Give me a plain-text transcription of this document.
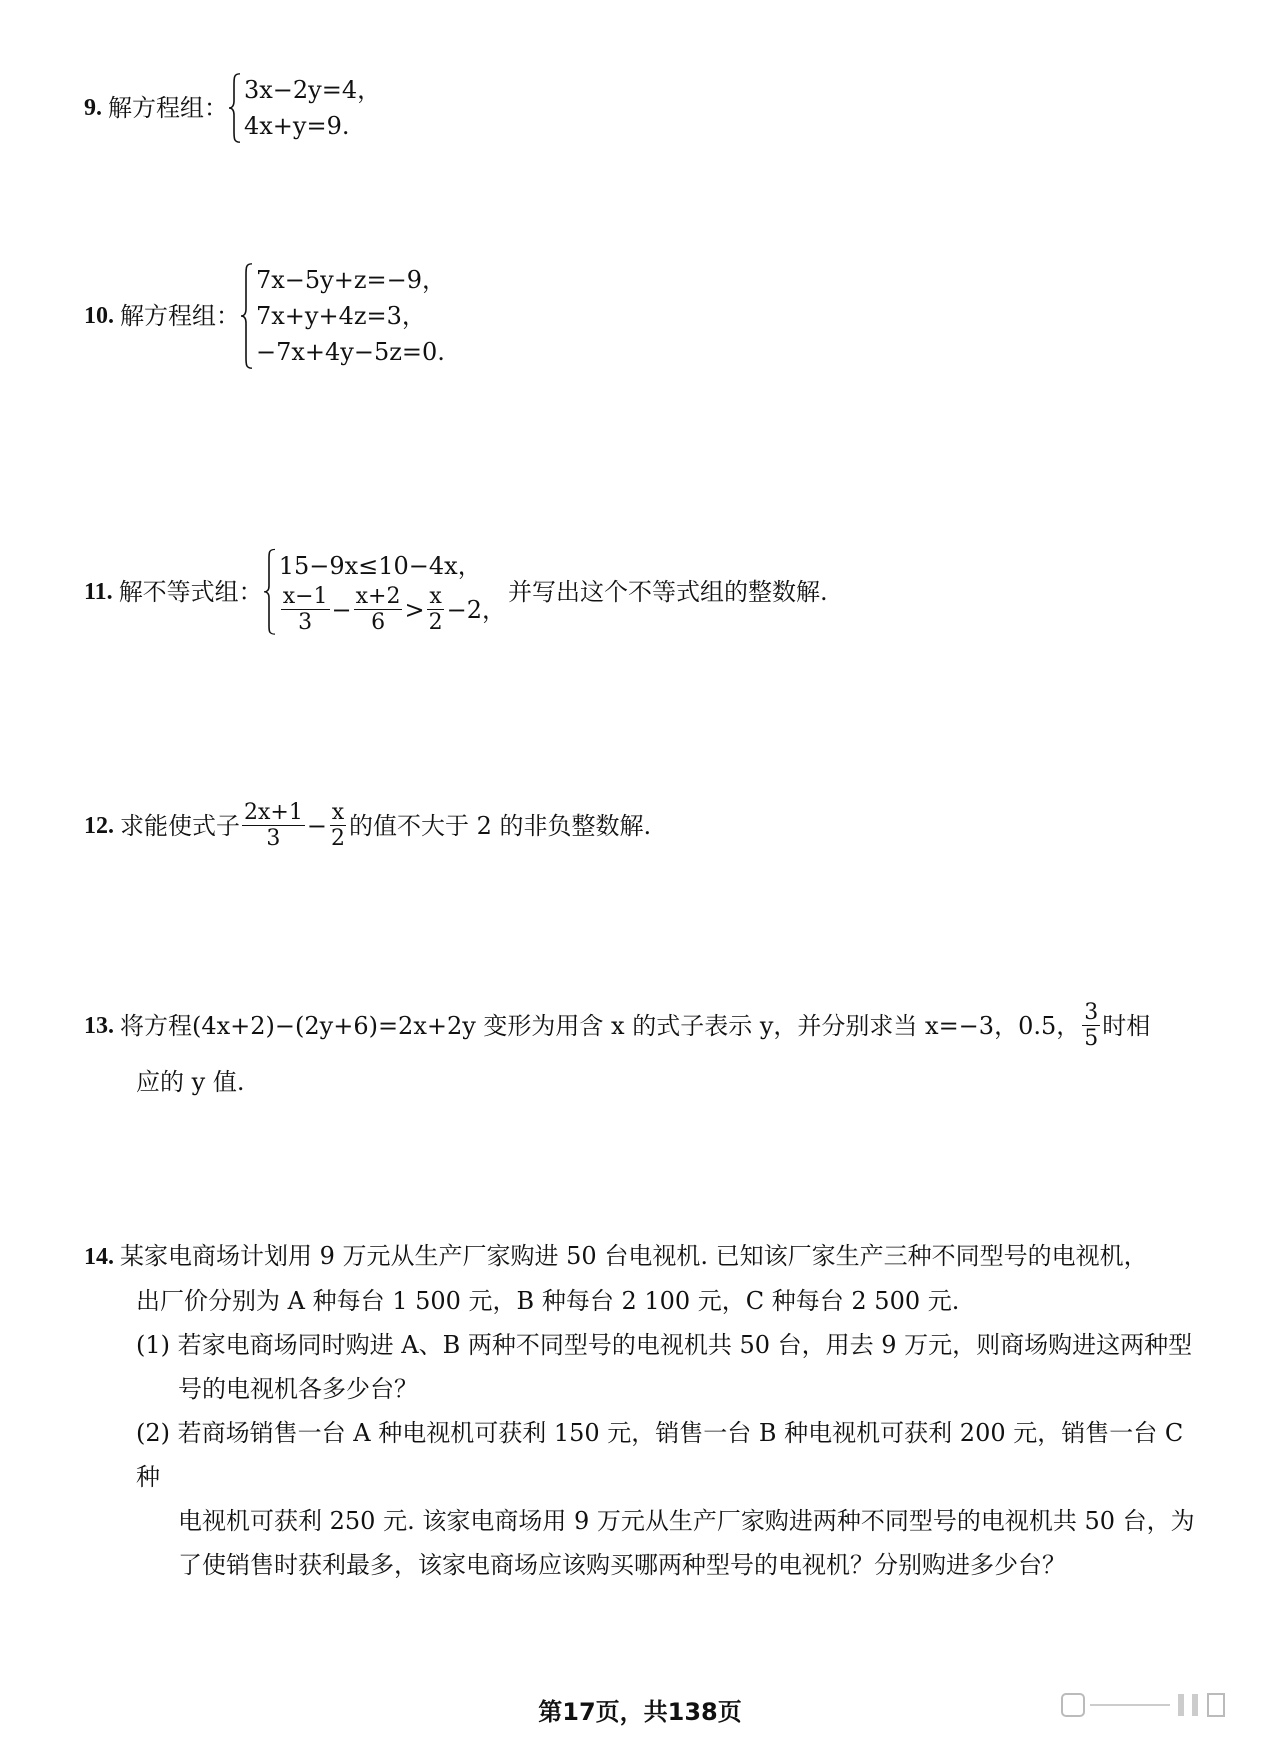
9. 解方程组：
3x−2y=4，
4x+y=9.
10. 解方程组：
7x−5y+z=−9，
7x+y+4z=3，
−7x+4y−5z=0.
11. 解不等式组：
15−9x≤10−4x，
$\frac{x-1}{3} - \frac{x+2}{6} > \frac{x}{2} -2$，
并写出这个不等式组的整数解.
12. 求能使式子 $\frac{2x+1}{3} - \frac{x}{2}$ 的值不大于 2 的非负整数解.
13. 将方程(4x+2)−(2y+6)=2x+2y 变形为用含 x 的式子表示 y，并分别求当 x=−3，0.5， $\frac{3}{5}$ 时相
应的 y 值.
14. 某家电商场计划用 9 万元从生产厂家购进 50 台电视机. 已知该厂家生产三种不同型号的电视机，
出厂价分别为 A 种每台 1 500 元，B 种每台 2 100 元，C 种每台 2 500 元.
(1) 若家电商场同时购进 A、B 两种不同型号的电视机共 50 台，用去 9 万元，则商场购进这两种型
号的电视机各多少台？
(2) 若商场销售一台 A 种电视机可获利 150 元，销售一台 B 种电视机可获利 200 元，销售一台 C 种
电视机可获利 250 元. 该家电商场用 9 万元从生产厂家购进两种不同型号的电视机共 50 台，为
了使销售时获利最多，该家电商场应该购买哪两种型号的电视机？分别购进多少台？
第17页，共138页
